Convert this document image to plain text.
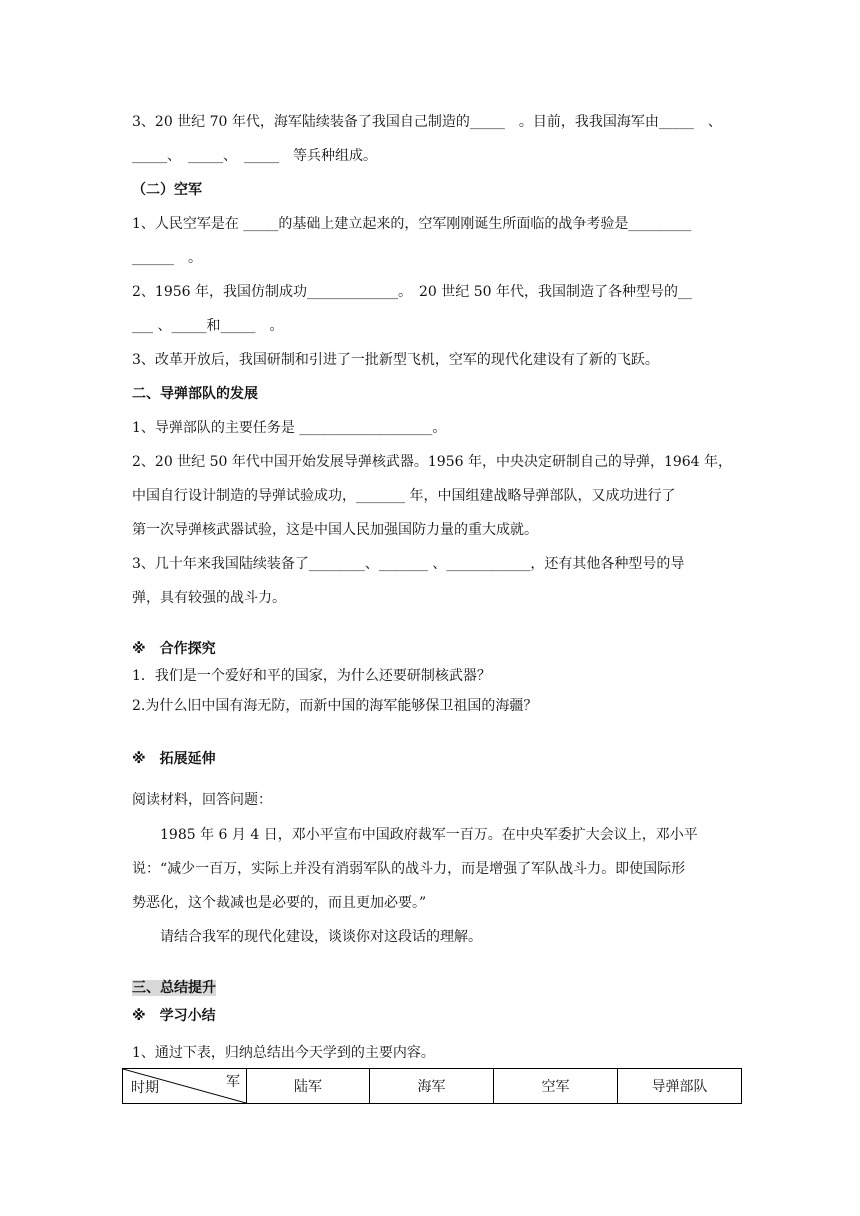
3、20 世纪 70 年代，海军陆续装备了我国自己制造的_____　。目前，我我国海军由_____　、
_____、　_____、　_____　等兵种组成。
（二）空军
1、人民空军是在 _____的基础上建立起来的，空军刚刚诞生所面临的战争考验是_________
______　。
2、1956 年，我国仿制成功_____________。　20 世纪 50 年代，我国制造了各种型号的__
___ 、_____和_____　。
3、改革开放后，我国研制和引进了一批新型飞机，空军的现代化建设有了新的飞跃。
二、导弹部队的发展
1、导弹部队的主要任务是 ___________________。
2、20 世纪 50 年代中国开始发展导弹核武器。1956 年，中央决定研制自己的导弹，1964 年，
中国自行设计制造的导弹试验成功，_______ 年，中国组建战略导弹部队，又成功进行了
第一次导弹核武器试验，这是中国人民加强国防力量的重大成就。
3、几十年来我国陆续装备了________、_______ 、____________，还有其他各种型号的导
弹，具有较强的战斗力。
※　合作探究
1．我们是一个爱好和平的国家，为什么还要研制核武器？
2.为什么旧中国有海无防，而新中国的海军能够保卫祖国的海疆？
※　拓展延伸
阅读材料，回答问题：
1985 年 6 月 4 日，邓小平宣布中国政府裁军一百万。在中央军委扩大会议上，邓小平
说：“减少一百万，实际上并没有消弱军队的战斗力，而是增强了军队战斗力。即使国际形
势恶化，这个裁减也是必要的，而且更加必要。”
请结合我军的现代化建设，谈谈你对这段话的理解。
三、总结提升
※　学习小结
1、通过下表，归纳总结出今天学到的主要内容。
时期	军	陆军	海军	空军	导弹部队
